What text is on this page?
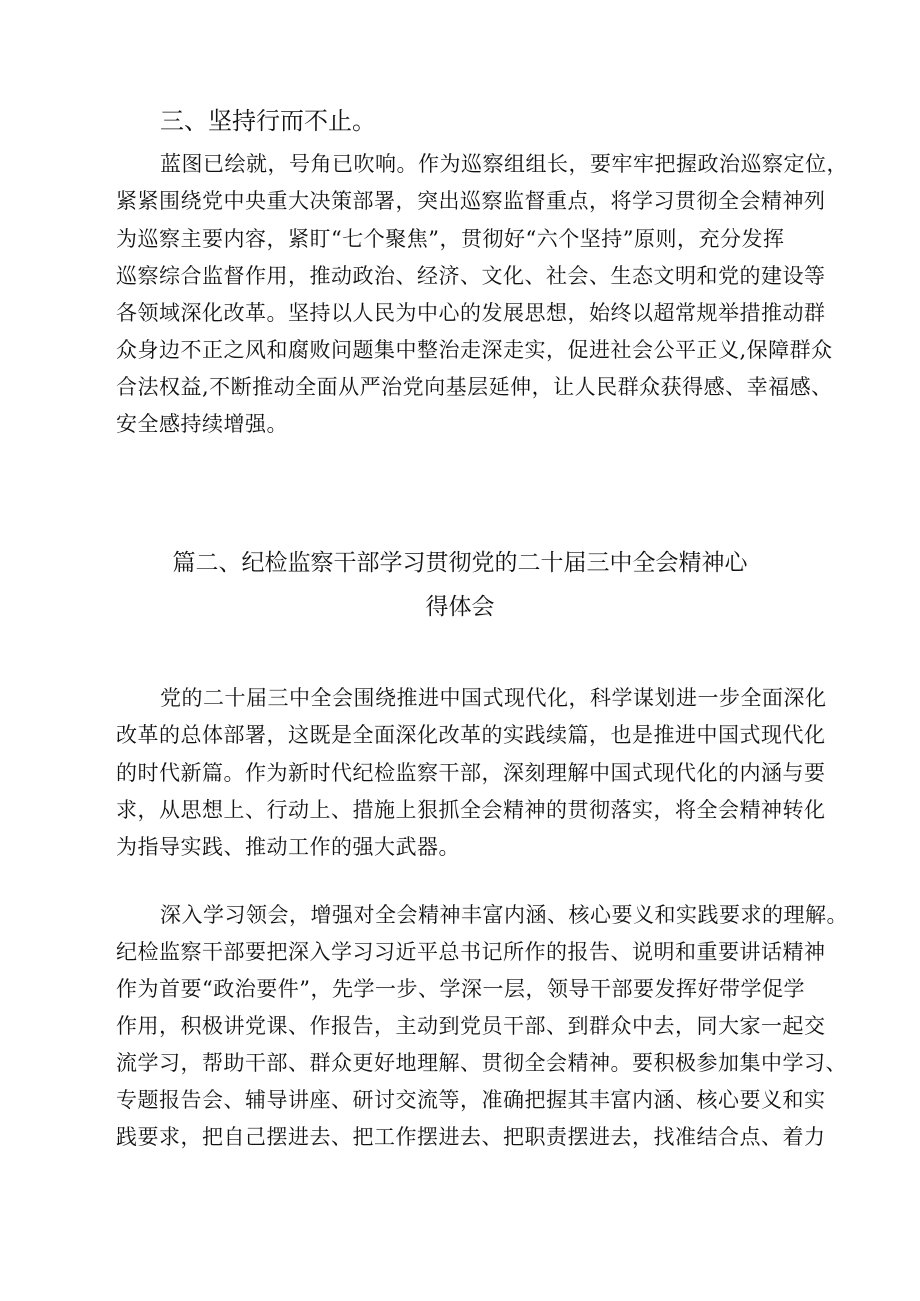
三、坚持行而不止。
蓝图已绘就，号角已吹响。作为巡察组组长，要牢牢把握政治巡察定位，
紧紧围绕党中央重大决策部署，突出巡察监督重点，将学习贯彻全会精神列
为巡察主要内容，紧盯“七个聚焦”，贯彻好“六个坚持”原则，充分发挥
巡察综合监督作用，推动政治、经济、文化、社会、生态文明和党的建设等
各领域深化改革。坚持以人民为中心的发展思想，始终以超常规举措推动群
众身边不正之风和腐败问题集中整治走深走实，促进社会公平正义,保障群众
合法权益,不断推动全面从严治党向基层延伸，让人民群众获得感、幸福感、
安全感持续增强。
篇二、纪检监察干部学习贯彻党的二十届三中全会精神心
得体会
党的二十届三中全会围绕推进中国式现代化，科学谋划进一步全面深化
改革的总体部署，这既是全面深化改革的实践续篇，也是推进中国式现代化
的时代新篇。作为新时代纪检监察干部，深刻理解中国式现代化的内涵与要
求，从思想上、行动上、措施上狠抓全会精神的贯彻落实，将全会精神转化
为指导实践、推动工作的强大武器。
深入学习领会，增强对全会精神丰富内涵、核心要义和实践要求的理解。
纪检监察干部要把深入学习习近平总书记所作的报告、说明和重要讲话精神
作为首要“政治要件”，先学一步、学深一层，领导干部要发挥好带学促学
作用，积极讲党课、作报告，主动到党员干部、到群众中去，同大家一起交
流学习，帮助干部、群众更好地理解、贯彻全会精神。要积极参加集中学习、
专题报告会、辅导讲座、研讨交流等，准确把握其丰富内涵、核心要义和实
践要求，把自己摆进去、把工作摆进去、把职责摆进去，找准结合点、着力
